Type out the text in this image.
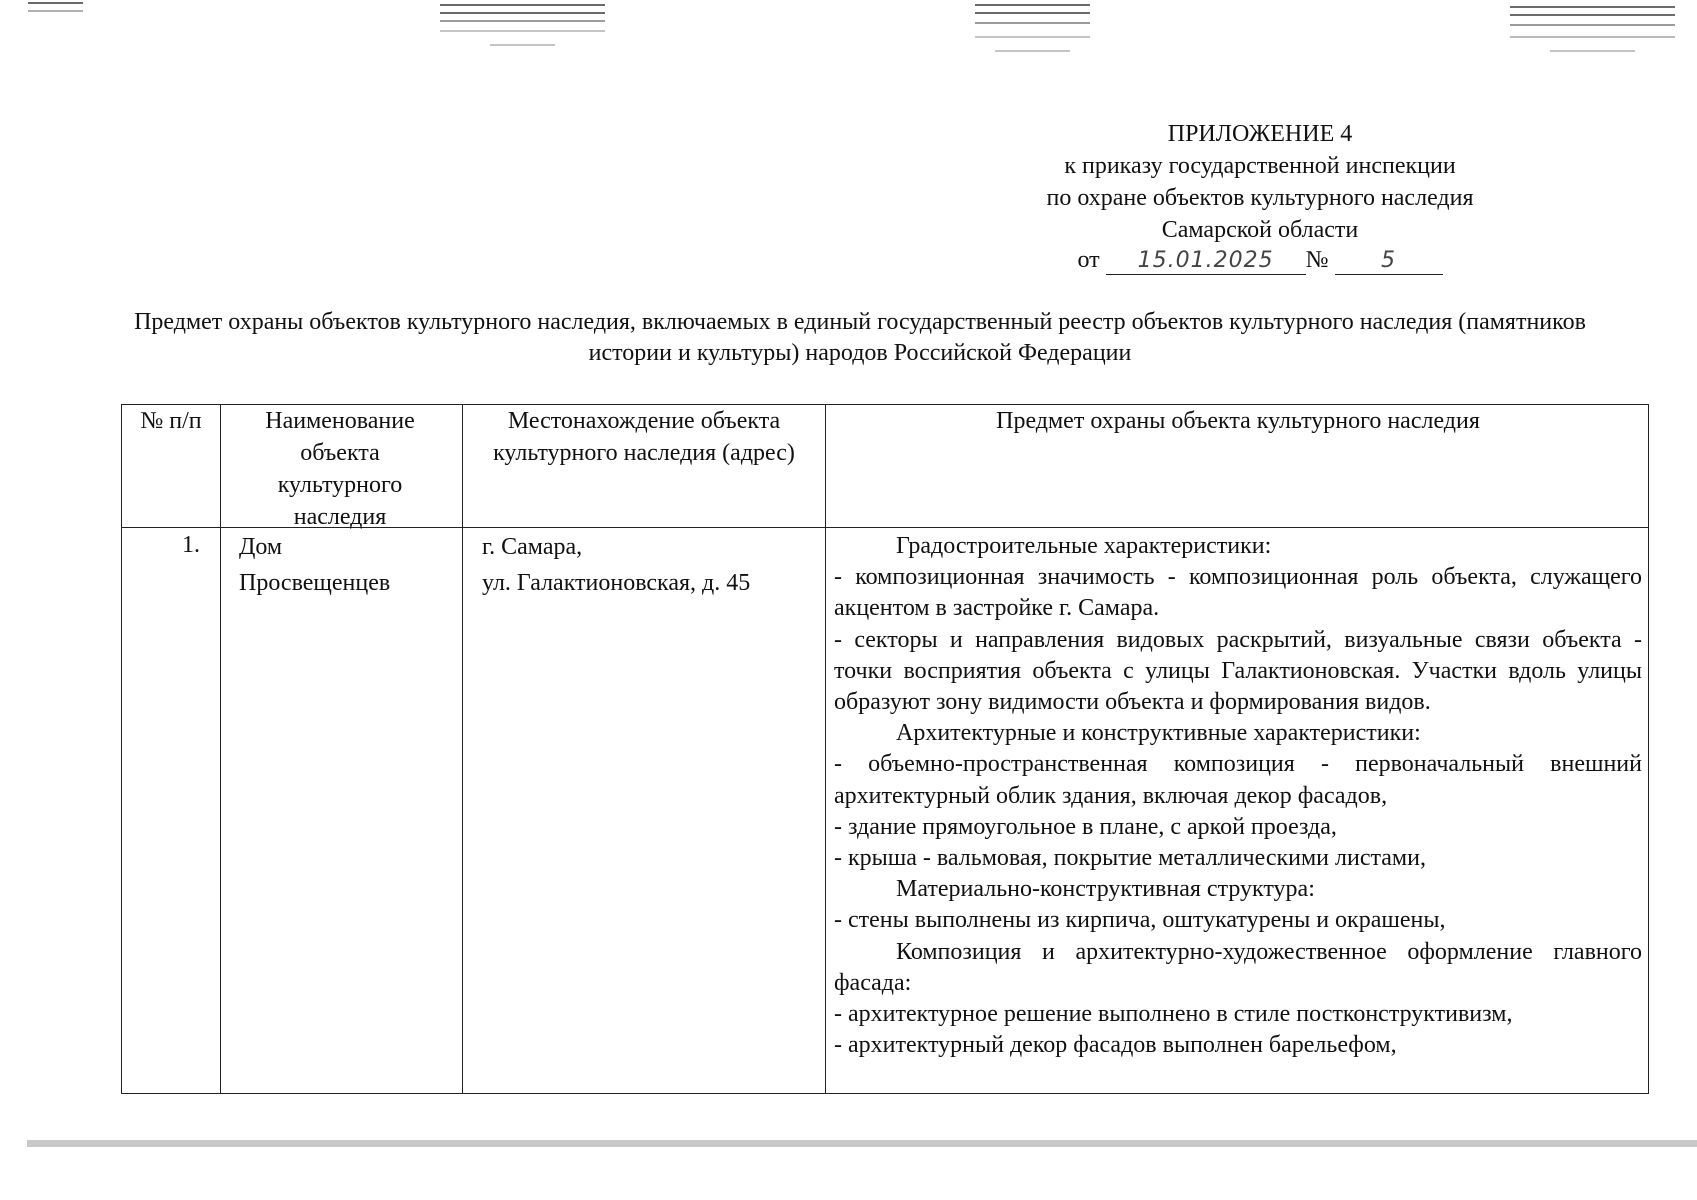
ПРИЛОЖЕНИЕ 4
к приказу государственной инспекции
по охране объектов культурного наследия
Самарской области
от 15.01.2025 № 5
Предмет охраны объектов культурного наследия, включаемых в единый государственный реестр объектов культурного наследия (памятников истории и культуры) народов Российской Федерации
№ п/п	Наименование объекта культурного наследия
Местонахождение объекта культурного наследия (адрес)
Предмет охраны объекта культурного наследия
1. Дом
Просвещенцев
г. Самара,
ул. Галактионовская, д. 45

Градостроительные характеристики:

- композиционная значимость - композиционная роль объекта, служащего акцентом в застройке г. Самара.

- секторы и направления видовых раскрытий, визуальные связи объекта - точки восприятия объекта с улицы Галактионовская. Участки вдоль улицы образуют зону видимости объекта и формирования видов.

Архитектурные и конструктивные характеристики:

- объемно-пространственная композиция - первоначальный внешний архитектурный облик здания, включая декор фасадов,

- здание прямоугольное в плане, с аркой проезда,

- крыша - вальмовая, покрытие металлическими листами,

Материально-конструктивная структура:

- стены выполнены из кирпича, оштукатурены и окрашены,

Композиция и архитектурно-художественное оформление главного фасада:

- архитектурное решение выполнено в стиле постконструктивизм,

- архитектурный декор фасадов выполнен барельефом,
